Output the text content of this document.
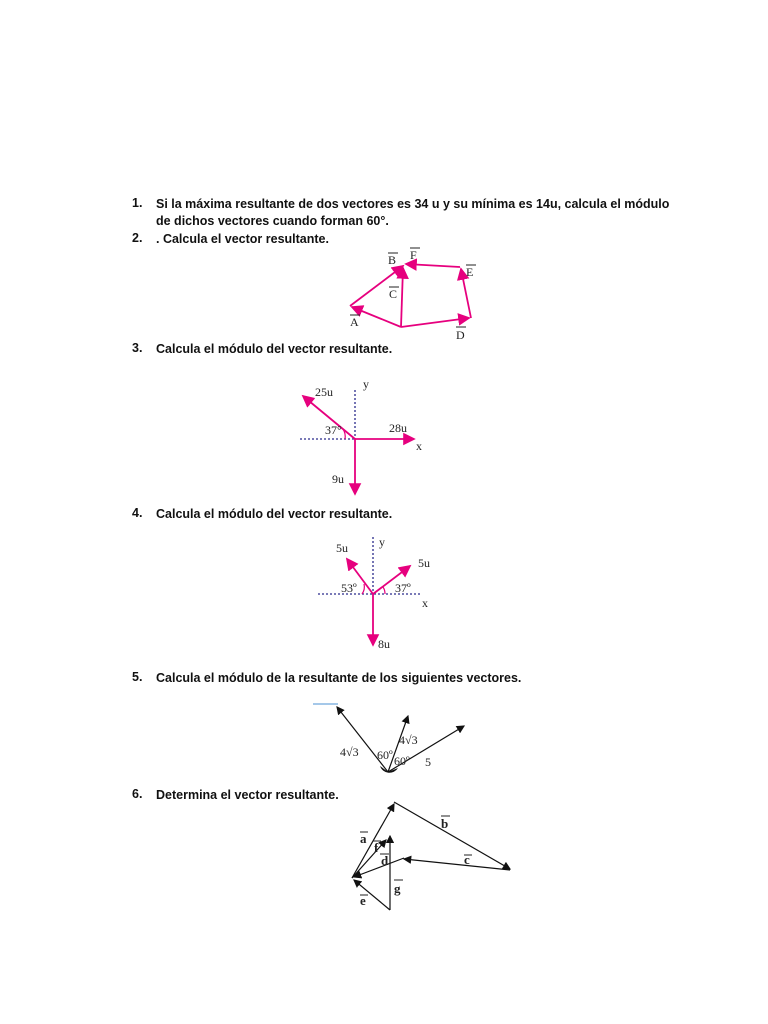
1. Si la máxima resultante de dos vectores es 34 u y su mínima es 14u, calcula el módulo de dichos vectores cuando forman 60°.
2. . Calcula el vector resultante.
A
B
C
D
E
F
3. Calcula el módulo del vector resultante.
25u
y
37°	28u
x
9u
4. Calcula el módulo del vector resultante.
5u	y
5u
53º	37º
x
8u
5. Calcula el módulo de la resultante de los siguientes vectores.
4√3
4√3
60º 60º 5
6. Determina el vector resultante.
a
b
c
d
e
f
g
